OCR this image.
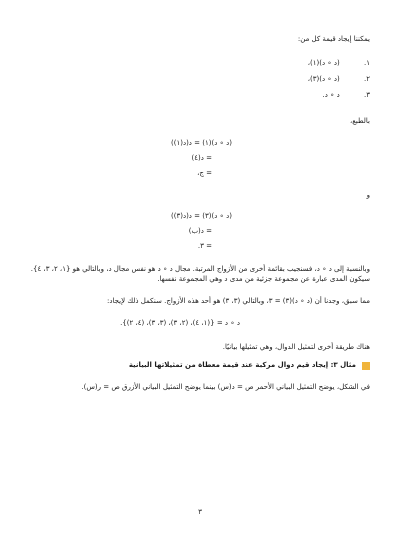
يمكننا إيجاد قيمة كل من:
١. (د ∘ د)(١)،
٢. (د ∘ د)(٣)،
٣. د ∘ د.
بالطبع،
(د ∘ د)(١) = د(د(١))
= د(٤)
= ج،
و
(د ∘ د)(٣) = د(د(٣))
= د(ب)
= ٣.
وبالنسبة إلى د ∘ د، فسنجيب بقائمة أخرى من الأزواج المرتبة. مجال د ∘ د هو نفس مجال د، وبالتالي هو {١، ٢، ٣، ٤}. سيكون المدى عبارة عن مجموعة جزئية من مدى د وهي المجموعة نفسها.
مما سبق، وجدنا أن (د ∘ د)(٣) = ٣، وبالتالي (٣، ٣) هو أحد هذه الأزواج. سنكمل ذلك لإيجاد:
د ∘ د = {(١، ٤)، (٢، ٣)، (٣، ٣)، (٤، ٢)}.
هناك طريقة أخرى لتمثيل الدوال، وهي تمثيلها بيانيًا.
مثال ٣: إيجاد قيم دوال مركبة عند قيمة معطاة من تمثيلاتها البيانية
في الشكل، يوضح التمثيل البياني الأحمر ص = د(س) بينما يوضح التمثيل البياني الأزرق ص = ر(س).
٣
